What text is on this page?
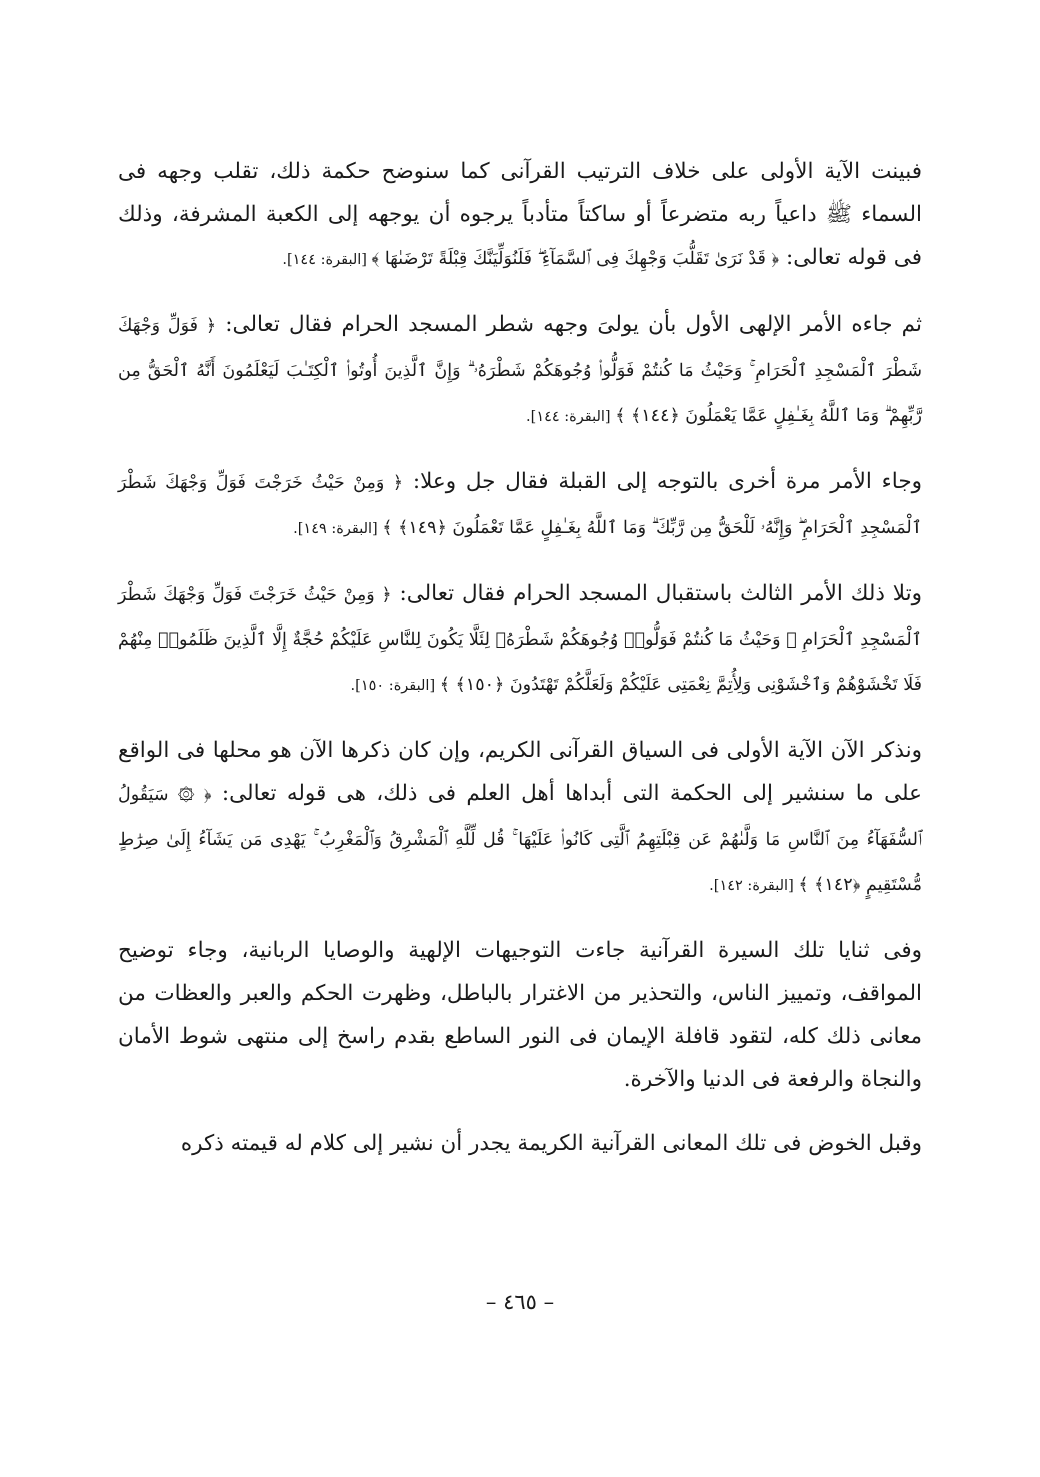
فبينت الآية الأولى على خلاف الترتيب القرآنى كما سنوضح حكمة ذلك، تقلب وجهه فى السماء ﷺ داعياً ربه متضرعاً أو ساكتاً متأدباً يرجوه أن يوجهه إلى الكعبة المشرفة، وذلك فى قوله تعالى: ﴿ قَدْ نَرَىٰ تَقَلُّبَ وَجْهِكَ فِى ٱلسَّمَآءِ ۖ فَلَنُوَلِّيَنَّكَ قِبْلَةً تَرْضَىٰهَا ﴾ [البقرة: ١٤٤].

ثم جاءه الأمر الإلهى الأول بأن يولىَ وجهه شطر المسجد الحرام فقال تعالى: ﴿ فَوَلِّ وَجْهَكَ شَطْرَ ٱلْمَسْجِدِ ٱلْحَرَامِ ۚ وَحَيْثُ مَا كُنتُمْ فَوَلُّوا۟ وُجُوهَكُمْ شَطْرَهُۥ ۗ وَإِنَّ ٱلَّذِينَ أُوتُوا۟ ٱلْكِتَـٰبَ لَيَعْلَمُونَ أَنَّهُ ٱلْحَقُّ مِن رَّبِّهِمْ ۗ وَمَا ٱللَّهُ بِغَـٰفِلٍ عَمَّا يَعْمَلُونَ ﴿١٤٤﴾ ﴾ [البقرة: ١٤٤].

وجاء الأمر مرة أخرى بالتوجه إلى القبلة فقال جل وعلا: ﴿ وَمِنْ حَيْثُ خَرَجْتَ فَوَلِّ وَجْهَكَ شَطْرَ ٱلْمَسْجِدِ ٱلْحَرَامِ ۖ وَإِنَّهُۥ لَلْحَقُّ مِن رَّبِّكَ ۗ وَمَا ٱللَّهُ بِغَـٰفِلٍ عَمَّا تَعْمَلُونَ ﴿١٤٩﴾ ﴾ [البقرة: ١٤٩].

وتلا ذلك الأمر الثالث باستقبال المسجد الحرام فقال تعالى: ﴿ وَمِنْ حَيْثُ خَرَجْتَ فَوَلِّ وَجْهَكَ شَطْرَ ٱلْمَسْجِدِ ٱلْحَرَامِ ۚ وَحَيْثُ مَا كُنتُمْ فَوَلُّوا۟ وُجُوهَكُمْ شَطْرَهُۥ لِئَلَّا يَكُونَ لِلنَّاسِ عَلَيْكُمْ حُجَّةٌ إِلَّا ٱلَّذِينَ ظَلَمُوا۟ مِنْهُمْ فَلَا تَخْشَوْهُمْ وَٱخْشَوْنِى وَلِأُتِمَّ نِعْمَتِى عَلَيْكُمْ وَلَعَلَّكُمْ تَهْتَدُونَ ﴿١٥٠﴾ ﴾ [البقرة: ١٥٠].

ونذكر الآن الآية الأولى فى السياق القرآنى الكريم، وإن كان ذكرها الآن هو محلها فى الواقع على ما سنشير إلى الحكمة التى أبداها أهل العلم فى ذلك، هى قوله تعالى: ﴿ ۞ سَيَقُولُ ٱلسُّفَهَآءُ مِنَ ٱلنَّاسِ مَا وَلَّىٰهُمْ عَن قِبْلَتِهِمُ ٱلَّتِى كَانُوا۟ عَلَيْهَا ۚ قُل لِّلَّهِ ٱلْمَشْرِقُ وَٱلْمَغْرِبُ ۚ يَهْدِى مَن يَشَآءُ إِلَىٰ صِرَٰطٍ مُّسْتَقِيمٍ ﴿١٤٢﴾ ﴾ [البقرة: ١٤٢].

وفى ثنايا تلك السيرة القرآنية جاءت التوجيهات الإلهية والوصايا الربانية، وجاء توضيح المواقف، وتمييز الناس، والتحذير من الاغترار بالباطل، وظهرت الحكم والعبر والعظات من معانى ذلك كله، لتقود قافلة الإيمان فى النور الساطع بقدم راسخ إلى منتهى شوط الأمان والنجاة والرفعة فى الدنيا والآخرة.

وقبل الخوض فى تلك المعانى القرآنية الكريمة يجدر أن نشير إلى كلام له قيمته ذكره

– ٤٦٥ –
